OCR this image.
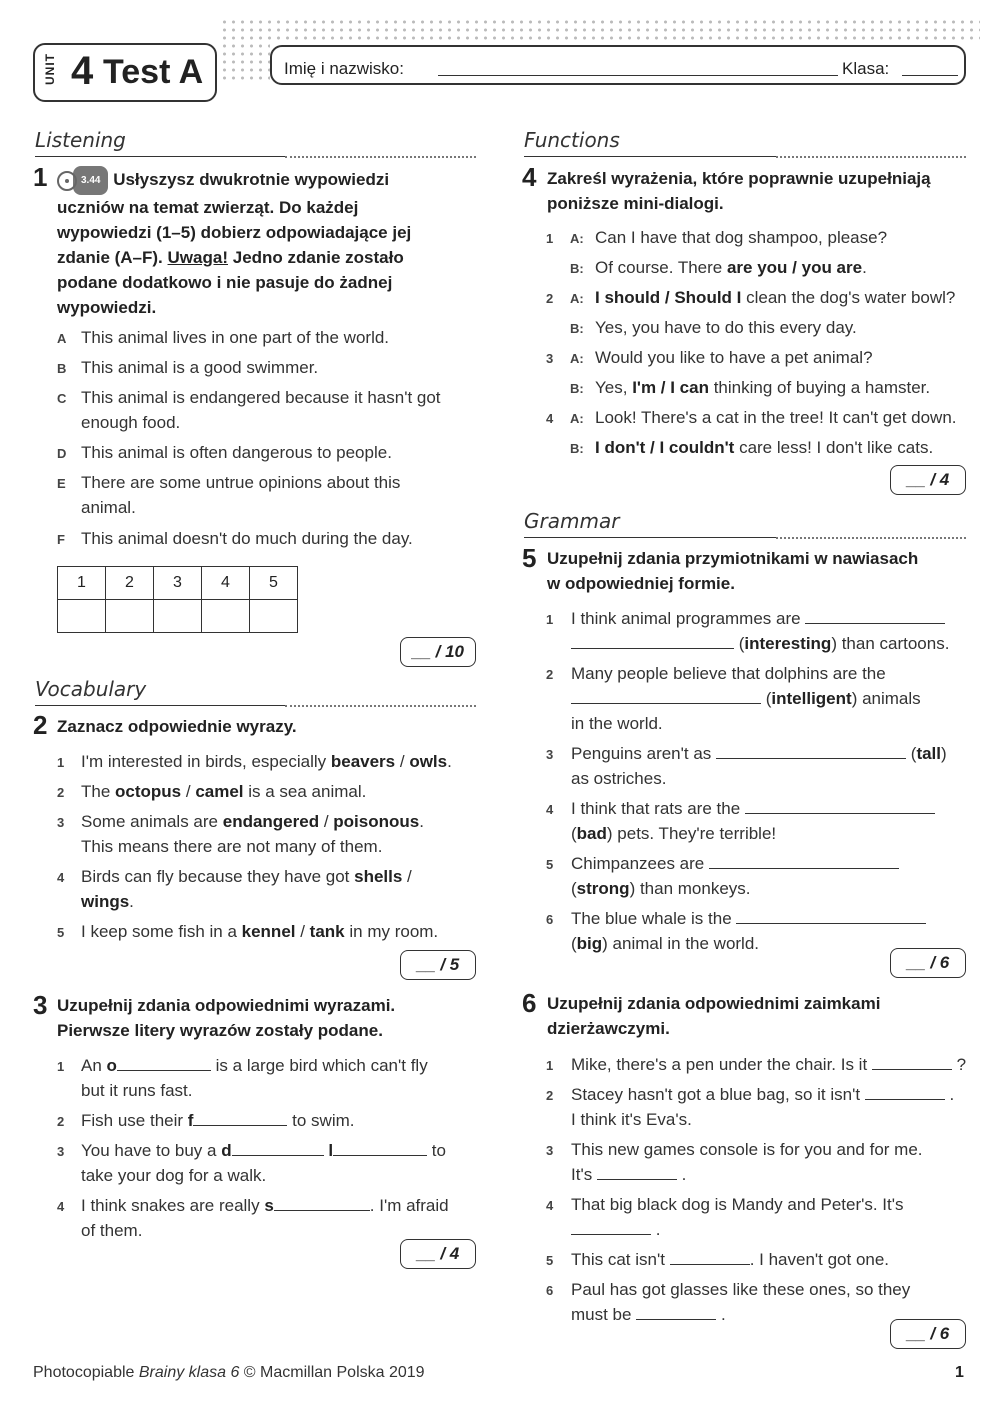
UNIT 4 Test A	Imię i nazwisko:	Klasa:
Listening
1	3.44 Usłyszysz dwukrotnie wypowiedzi
uczniów na temat zwierząt. Do każdej
wypowiedzi (1–5) dobierz odpowiadające jej
zdanie (A–F). Uwaga! Jedno zdanie zostało
podane dodatkowo i nie pasuje do żadnej
wypowiedzi.
A This animal lives in one part of the world.
B This animal is a good swimmer.
C This animal is endangered because it hasn't got
enough food.
D This animal is often dangerous to people.
E There are some untrue opinions about this
animal.
F This animal doesn't do much during the day.
1	2	3	4	5

__ / 10
Vocabulary
2 Zaznacz odpowiednie wyrazy.
1 I'm interested in birds, especially beavers / owls.
2 The octopus / camel is a sea animal.
3 Some animals are endangered / poisonous.
This means there are not many of them.
4 Birds can fly because they have got shells /
wings.
5 I keep some fish in a kennel / tank in my room.
__ / 5
3 Uzupełnij zdania odpowiednimi wyrazami.
Pierwsze litery wyrazów zostały podane.
1 An o	is a large bird which can't fly
but it runs fast.
2 Fish use their f	to swim.
3 You have to buy a d	l	to
take your dog for a walk.
4 I think snakes are really s	. I'm afraid
of them.
__ / 4
Functions
4 Zakreśl wyrażenia, które poprawnie uzupełniają
poniższe mini-dialogi.
1 A: Can I have that dog shampoo, please?
B: Of course. There are you / you are.
2 A: I should / Should I clean the dog's water bowl?
B: Yes, you have to do this every day.
3 A: Would you like to have a pet animal?
B: Yes, I'm / I can thinking of buying a hamster.
4 A: Look! There's a cat in the tree! It can't get down.
B: I don't / I couldn't care less! I don't like cats.
__ / 4
Grammar
5 Uzupełnij zdania przymiotnikami w nawiasach
w odpowiedniej formie.
1 I think animal programmes are
(interesting) than cartoons.
2 Many people believe that dolphins are the
(intelligent) animals
in the world.
3 Penguins aren't as	(tall)
as ostriches.
4 I think that rats are the
(bad) pets. They're terrible!
5 Chimpanzees are
(strong) than monkeys.
6 The blue whale is the
(big) animal in the world.
__ / 6
6 Uzupełnij zdania odpowiednimi zaimkami
dzierżawczymi.
1 Mike, there's a pen under the chair. Is it	?
2 Stacey hasn't got a blue bag, so it isn't	.
I think it's Eva's.
3 This new games console is for you and for me.
It's	.
4 That big black dog is Mandy and Peter's. It's
.
5 This cat isn't	. I haven't got one.
6 Paul has got glasses like these ones, so they
must be	.
__ / 6
Photocopiable Brainy klasa 6 © Macmillan Polska 2019	1
